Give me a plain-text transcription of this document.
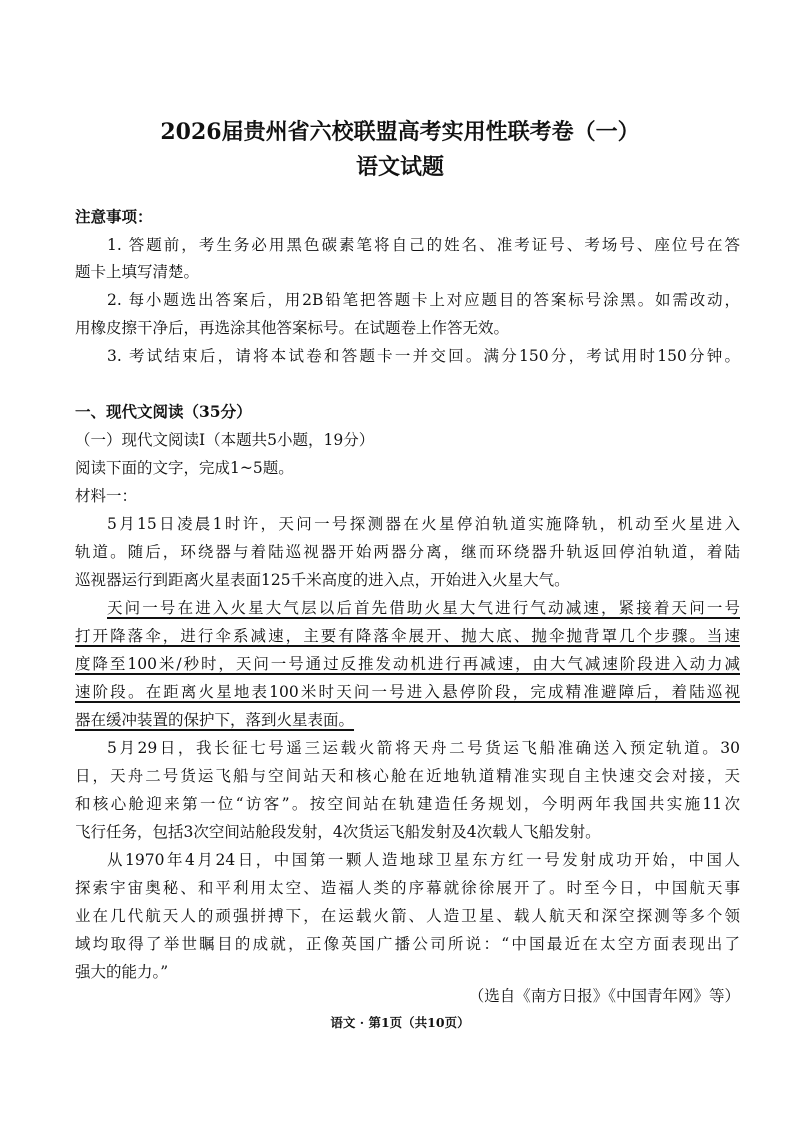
2026届贵州省六校联盟高考实用性联考卷（一）
语文试题
注意事项：
1. 答题前，考生务必用黑色碳素笔将自己的姓名、准考证号、考场号、座位号在答
题卡上填写清楚。
2. 每小题选出答案后，用2B铅笔把答题卡上对应题目的答案标号涂黑。如需改动，
用橡皮擦干净后，再选涂其他答案标号。在试题卷上作答无效。
3. 考试结束后，请将本试卷和答题卡一并交回。满分150分，考试用时150分钟。
一、现代文阅读（35分）
（一）现代文阅读Ⅰ（本题共5小题，19分）
阅读下面的文字，完成1~5题。
材料一：
5月15日凌晨1时许，天问一号探测器在火星停泊轨道实施降轨，机动至火星进入
轨道。随后，环绕器与着陆巡视器开始两器分离，继而环绕器升轨返回停泊轨道，着陆
巡视器运行到距离火星表面125千米高度的进入点，开始进入火星大气。
天问一号在进入火星大气层以后首先借助火星大气进行气动减速，紧接着天问一号
打开降落伞，进行伞系减速，主要有降落伞展开、抛大底、抛伞抛背罩几个步骤。当速
度降至100米/秒时，天问一号通过反推发动机进行再减速，由大气减速阶段进入动力减
速阶段。在距离火星地表100米时天问一号进入悬停阶段，完成精准避障后，着陆巡视
器在缓冲装置的保护下，落到火星表面。
5月29日，我长征七号遥三运载火箭将天舟二号货运飞船准确送入预定轨道。30
日，天舟二号货运飞船与空间站天和核心舱在近地轨道精准实现自主快速交会对接，天
和核心舱迎来第一位“访客”。按空间站在轨建造任务规划，今明两年我国共实施11次
飞行任务，包括3次空间站舱段发射，4次货运飞船发射及4次载人飞船发射。
从1970年4月24日，中国第一颗人造地球卫星东方红一号发射成功开始，中国人
探索宇宙奥秘、和平利用太空、造福人类的序幕就徐徐展开了。时至今日，中国航天事
业在几代航天人的顽强拼搏下，在运载火箭、人造卫星、载人航天和深空探测等多个领
域均取得了举世瞩目的成就，正像英国广播公司所说：“中国最近在太空方面表现出了
强大的能力。”
（选自《南方日报》《中国青年网》等）
语文 · 第1页（共10页）
